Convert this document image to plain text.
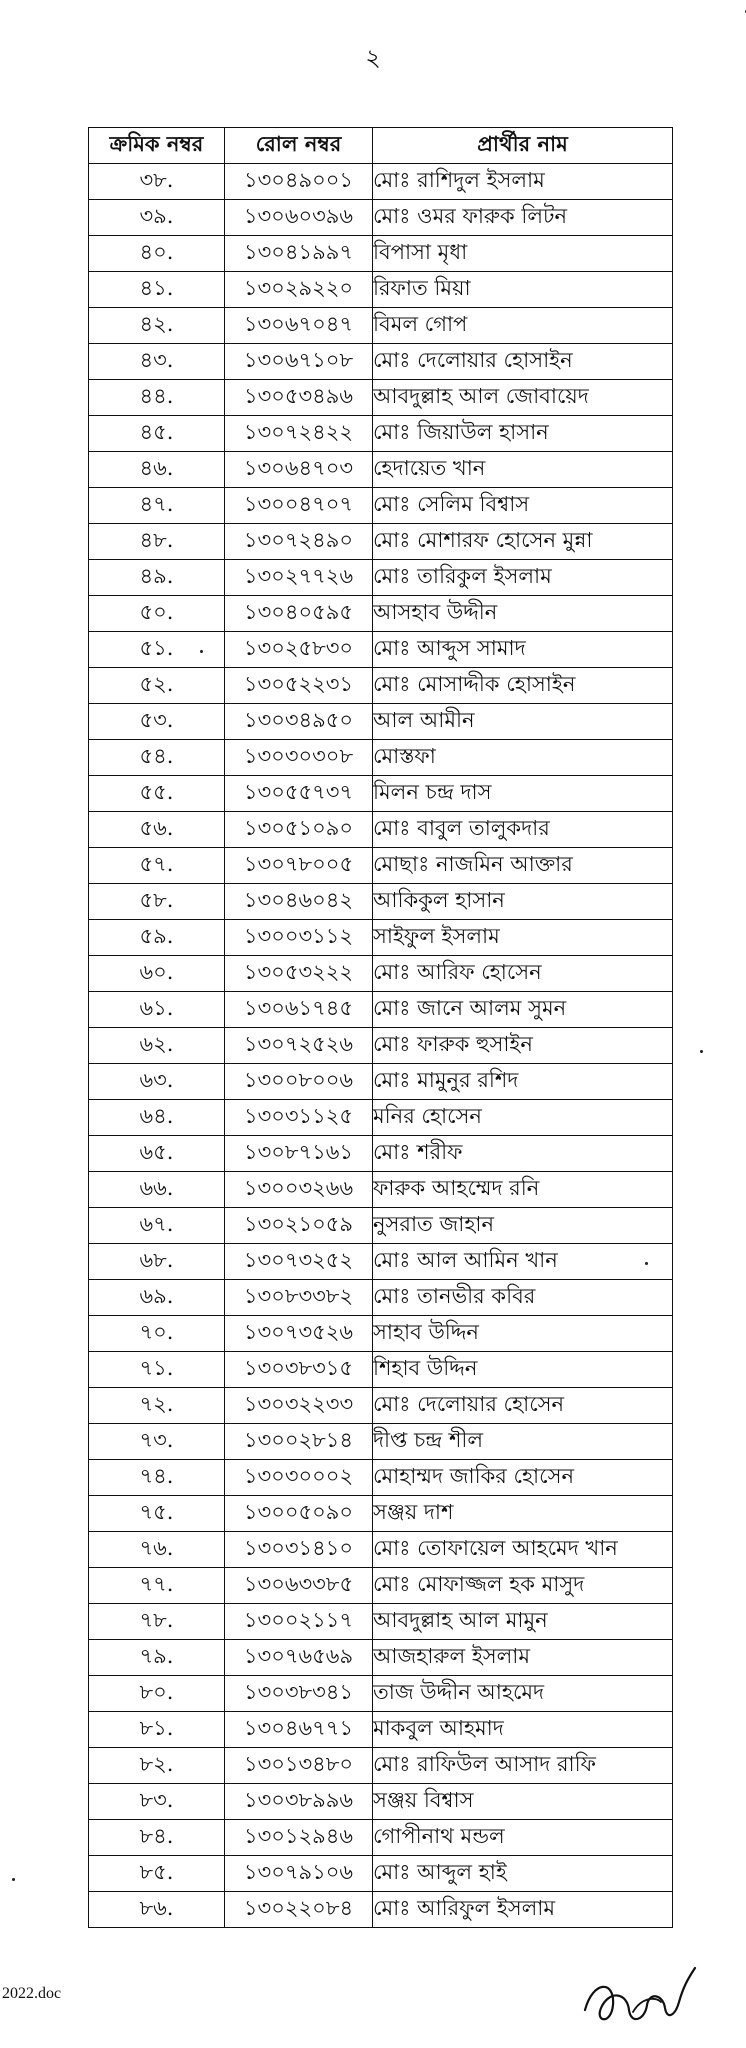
২
ক্রমিক নম্বর	রোল নম্বর	প্রার্থীর নাম
৩৮.	১৩০৪৯০০১	মোঃ রাশিদুল ইসলাম
৩৯.	১৩০৬০৩৯৬	মোঃ ওমর ফারুক লিটন
৪০.	১৩০৪১৯৯৭	বিপাসা মৃধা
৪১.	১৩০২৯২২০	রিফাত মিয়া
৪২.	১৩০৬৭০৪৭	বিমল গোপ
৪৩.	১৩০৬৭১০৮	মোঃ দেলোয়ার হোসাইন
৪৪.	১৩০৫৩৪৯৬	আবদুল্লাহ আল জোবায়েদ
৪৫.	১৩০৭২৪২২	মোঃ জিয়াউল হাসান
৪৬.	১৩০৬৪৭০৩	হেদায়েত খান
৪৭.	১৩০০৪৭০৭	মোঃ সেলিম বিশ্বাস
৪৮.	১৩০৭২৪৯০	মোঃ মোশারফ হোসেন মুন্না
৪৯.	১৩০২৭৭২৬	মোঃ তারিকুল ইসলাম
৫০.	১৩০৪০৫৯৫	আসহাব উদ্দীন
৫১.	১৩০২৫৮৩০	মোঃ আব্দুস সামাদ
৫২.	১৩০৫২২৩১	মোঃ মোসাদ্দীক হোসাইন
৫৩.	১৩০৩৪৯৫০	আল আমীন
৫৪.	১৩০৩০৩০৮	মোস্তফা
৫৫.	১৩০৫৫৭৩৭	মিলন চন্দ্র দাস
৫৬.	১৩০৫১০৯০	মোঃ বাবুল তালুকদার
৫৭.	১৩০৭৮০০৫	মোছাঃ নাজমিন আক্তার
৫৮.	১৩০৪৬০৪২	আকিকুল হাসান
৫৯.	১৩০০৩১১২	সাইফুল ইসলাম
৬০.	১৩০৫৩২২২	মোঃ আরিফ হোসেন
৬১.	১৩০৬১৭৪৫	মোঃ জানে আলম সুমন
৬২.	১৩০৭২৫২৬	মোঃ ফারুক হুসাইন
৬৩.	১৩০০৮০০৬	মোঃ মামুনুর রশিদ
৬৪.	১৩০৩১১২৫	মনির হোসেন
৬৫.	১৩০৮৭১৬১	মোঃ শরীফ
৬৬.	১৩০০৩২৬৬	ফারুক আহম্মেদ রনি
৬৭.	১৩০২১০৫৯	নুসরাত জাহান
৬৮.	১৩০৭৩২৫২	মোঃ আল আমিন খান
৬৯.	১৩০৮৩৩৮২	মোঃ তানভীর কবির
৭০.	১৩০৭৩৫২৬	সাহাব উদ্দিন
৭১.	১৩০৩৮৩১৫	শিহাব উদ্দিন
৭২.	১৩০৩২২৩৩	মোঃ দেলোয়ার হোসেন
৭৩.	১৩০০২৮১৪	দীপ্ত চন্দ্র শীল
৭৪.	১৩০৩০০০২	মোহাম্মদ জাকির হোসেন
৭৫.	১৩০০৫০৯০	সঞ্জয় দাশ
৭৬.	১৩০৩১৪১০	মোঃ তোফায়েল আহমেদ খান
৭৭.	১৩০৬৩৩৮৫	মোঃ মোফাজ্জল হক মাসুদ
৭৮.	১৩০০২১১৭	আবদুল্লাহ আল মামুন
৭৯.	১৩০৭৬৫৬৯	আজহারুল ইসলাম
৮০.	১৩০৩৮৩৪১	তাজ উদ্দীন আহমেদ
৮১.	১৩০৪৬৭৭১	মাকবুল আহমাদ
৮২.	১৩০১৩৪৮০	মোঃ রাফিউল আসাদ রাফি
৮৩.	১৩০৩৮৯৯৬	সঞ্জয় বিশ্বাস
৮৪.	১৩০১২৯৪৬	গোপীনাথ মন্ডল
৮৫.	১৩০৭৯১০৬	মোঃ আব্দুল হাই
৮৬.	১৩০২২০৮৪	মোঃ আরিফুল ইসলাম
2022.doc
